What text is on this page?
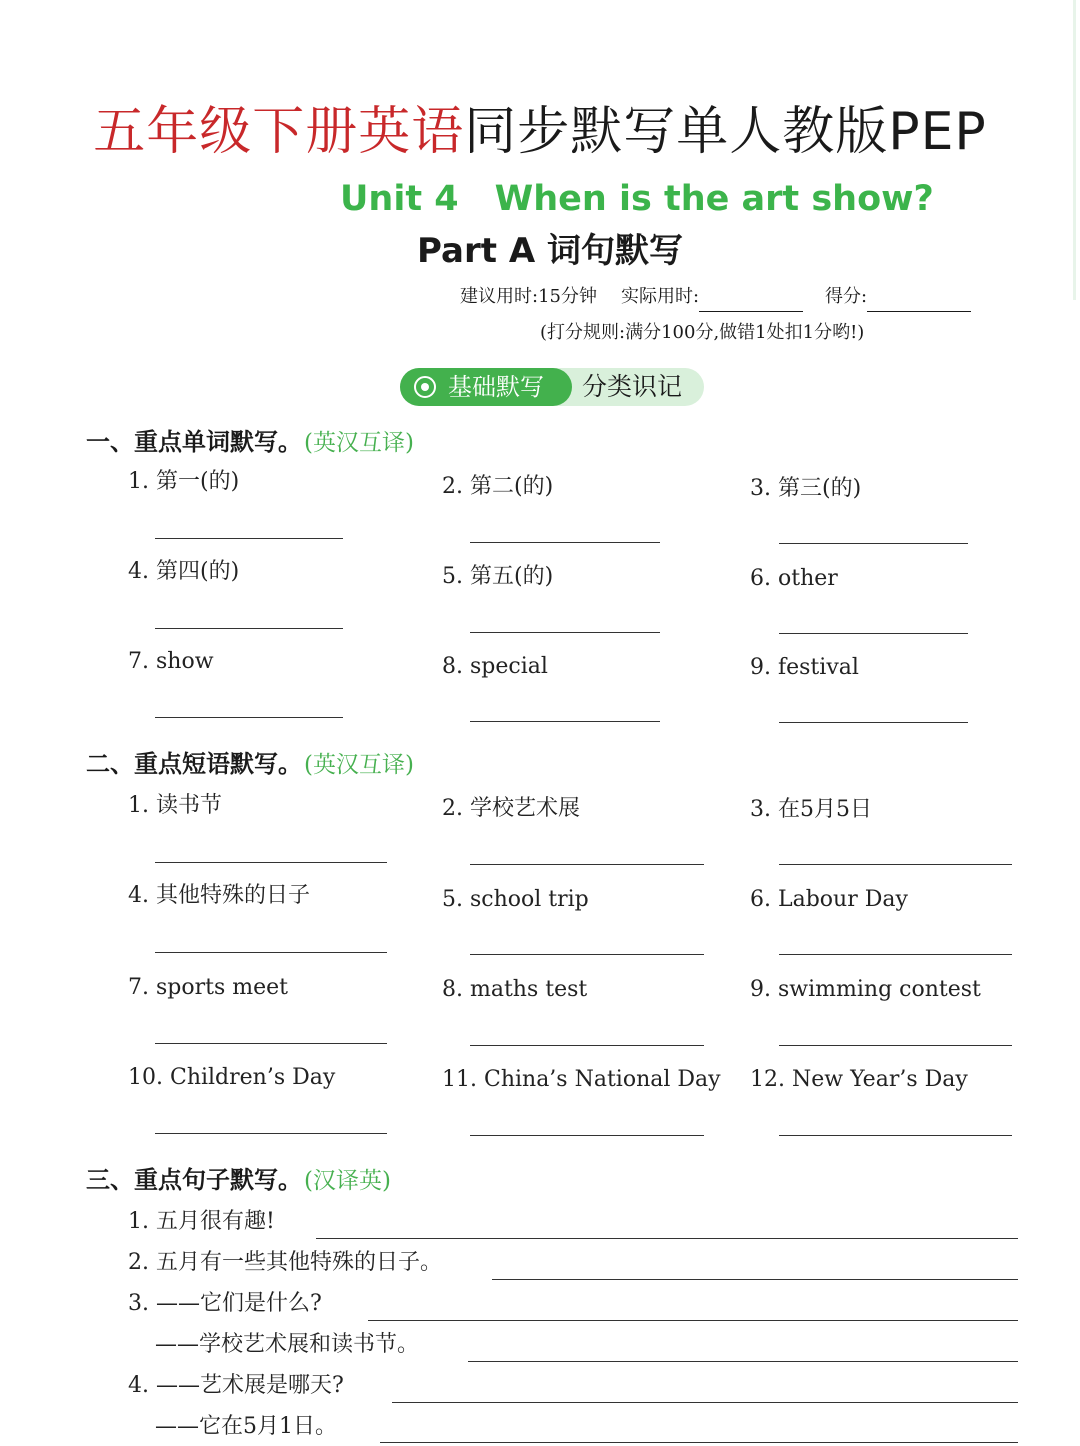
五年级下册英语同步默写单人教版PEP
Unit 4 When is the art show?
Part A 词句默写
建议用时:15分钟 实际用时:	得分:
(打分规则:满分100分,做错1处扣1分哟!)
基础默写 分类识记
一、重点单词默写。(英汉互译)
1. 第一(的)	2. 第二(的)	3. 第三(的)
4. 第四(的)	5. 第五(的)	6. other
7. show	8. special	9. festival
二、重点短语默写。(英汉互译)
1. 读书节	2. 学校艺术展	3. 在5月5日
4. 其他特殊的日子	5. school trip	6. Labour Day
7. sports meet	8. maths test	9. swimming contest
10. Children’s Day	11. China’s National Day 12. New Year’s Day
三、重点句子默写。(汉译英)
1. 五月很有趣!
2. 五月有一些其他特殊的日子。
3. ——它们是什么?
——学校艺术展和读书节。
4. ——艺术展是哪天?
——它在5月1日。
